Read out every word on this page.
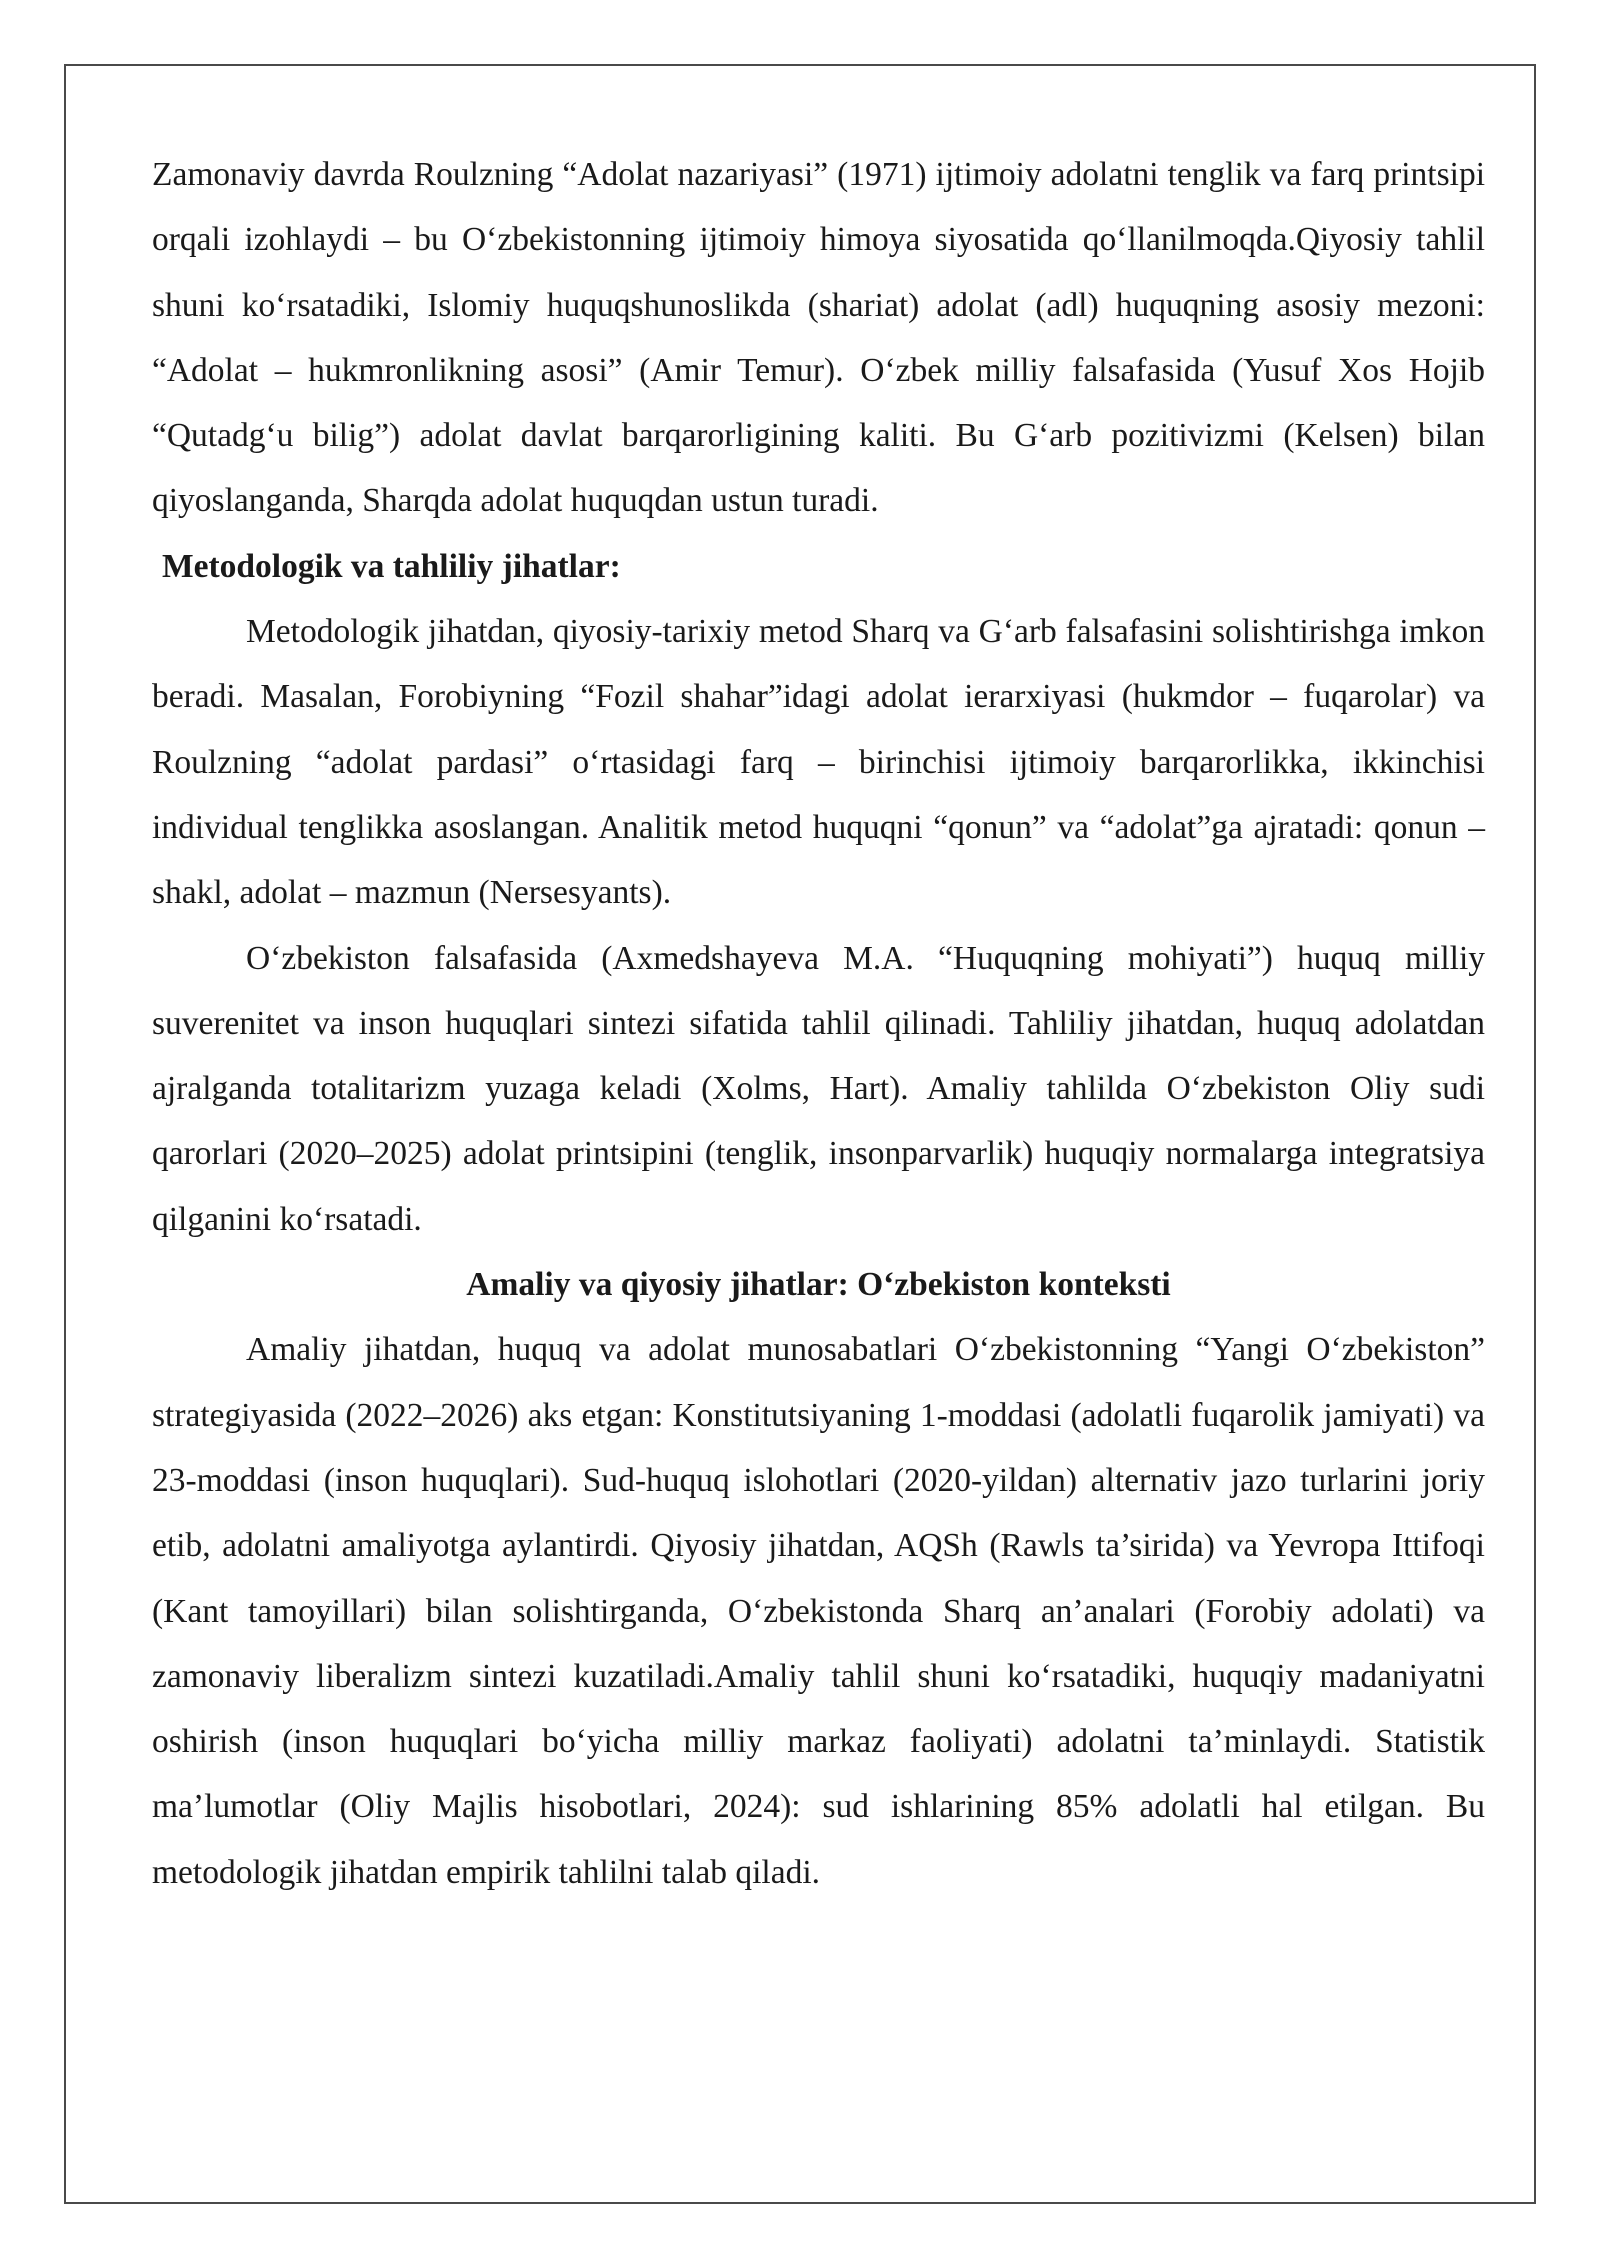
Zamonaviy davrda Roulzning “Adolat nazariyasi” (1971) ijtimoiy adolatni tenglik va farq printsipi orqali izohlaydi – bu O‘zbekistonning ijtimoiy himoya siyosatida qo‘llanilmoqda.Qiyosiy tahlil shuni ko‘rsatadiki, Islomiy huquqshunoslikda (shariat) adolat (adl) huquqning asosiy mezoni: “Adolat – hukmronlikning asosi” (Amir Temur). O‘zbek milliy falsafasida (Yusuf Xos Hojib “Qutadg‘u bilig”) adolat davlat barqarorligining kaliti. Bu G‘arb pozitivizmi (Kelsen) bilan qiyoslanganda, Sharqda adolat huquqdan ustun turadi.

Metodologik va tahliliy jihatlar:

Metodologik jihatdan, qiyosiy-tarixiy metod Sharq va G‘arb falsafasini solishtirishga imkon beradi. Masalan, Forobiyning “Fozil shahar”idagi adolat ierarxiyasi (hukmdor – fuqarolar) va Roulzning “adolat pardasi” o‘rtasidagi farq – birinchisi ijtimoiy barqarorlikka, ikkinchisi individual tenglikka asoslangan. Analitik metod huquqni “qonun” va “adolat”ga ajratadi: qonun – shakl, adolat – mazmun (Nersesyants).

O‘zbekiston falsafasida (Axmedshayeva M.A. “Huquqning mohiyati”) huquq milliy suverenitet va inson huquqlari sintezi sifatida tahlil qilinadi. Tahliliy jihatdan, huquq adolatdan ajralganda totalitarizm yuzaga keladi (Xolms, Hart). Amaliy tahlilda O‘zbekiston Oliy sudi qarorlari (2020–2025) adolat printsipini (tenglik, insonparvarlik) huquqiy normalarga integratsiya qilganini ko‘rsatadi.

Amaliy va qiyosiy jihatlar: O‘zbekiston konteksti

Amaliy jihatdan, huquq va adolat munosabatlari O‘zbekistonning “Yangi O‘zbekiston” strategiyasida (2022–2026) aks etgan: Konstitutsiyaning 1-moddasi (adolatli fuqarolik jamiyati) va 23-moddasi (inson huquqlari). Sud-huquq islohotlari (2020-yildan) alternativ jazo turlarini joriy etib, adolatni amaliyotga aylantirdi. Qiyosiy jihatdan, AQSh (Rawls ta’sirida) va Yevropa Ittifoqi (Kant tamoyillari) bilan solishtirganda, O‘zbekistonda Sharq an’analari (Forobiy adolati) va zamonaviy liberalizm sintezi kuzatiladi.Amaliy tahlil shuni ko‘rsatadiki, huquqiy madaniyatni oshirish (inson huquqlari bo‘yicha milliy markaz faoliyati) adolatni ta’minlaydi. Statistik ma’lumotlar (Oliy Majlis hisobotlari, 2024): sud ishlarining 85% adolatli hal etilgan. Bu metodologik jihatdan empirik tahlilni talab qiladi.
